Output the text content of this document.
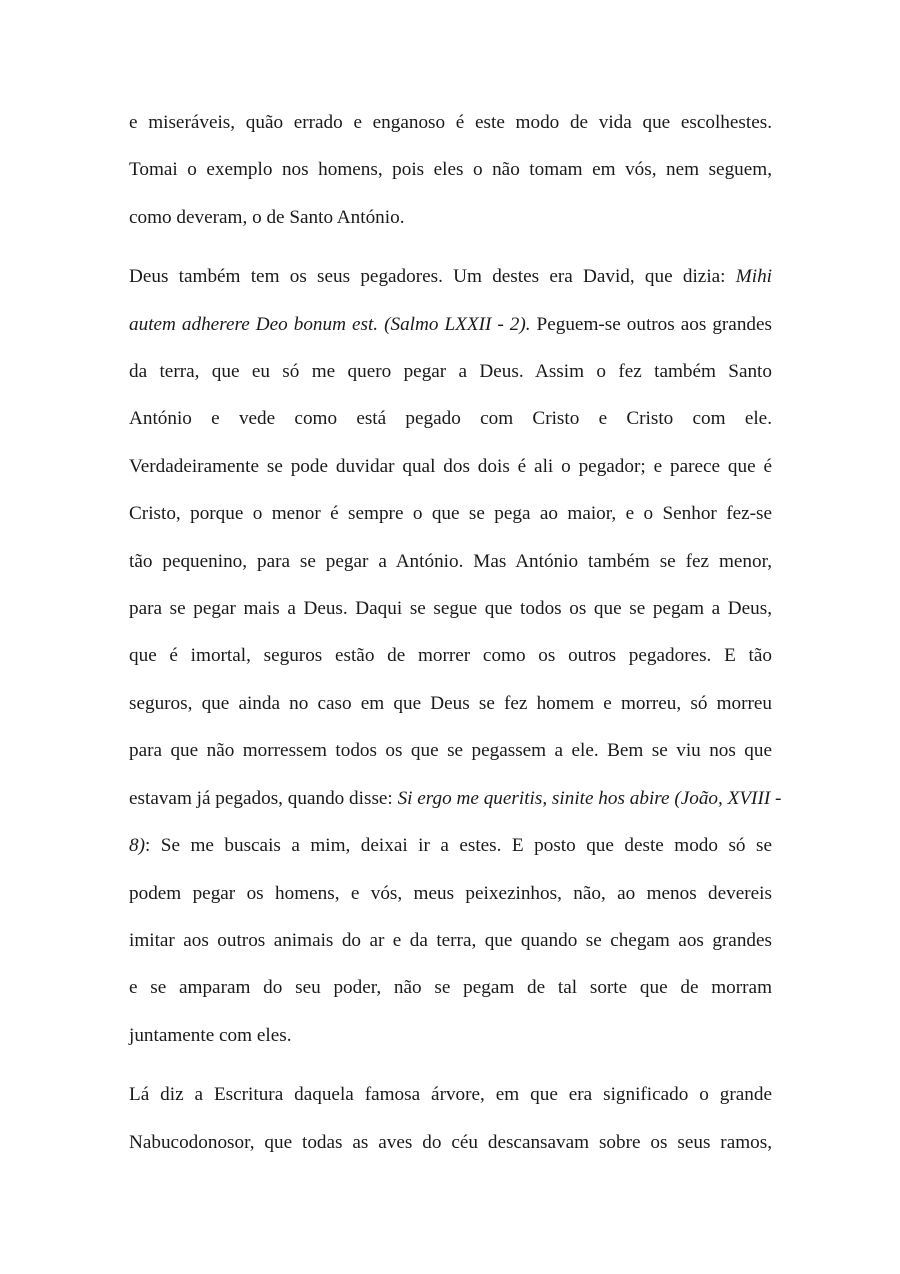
e miseráveis, quão errado e enganoso é este modo de vida que escolhestes.
Tomai o exemplo nos homens, pois eles o não tomam em vós, nem seguem,
como deveram, o de Santo António.
Deus também tem os seus pegadores. Um destes era David, que dizia: Mihi
autem adherere Deo bonum est. (Salmo LXXII - 2). Peguem-se outros aos grandes
da terra, que eu só me quero pegar a Deus. Assim o fez também Santo
António e vede como está pegado com Cristo e Cristo com ele.
Verdadeiramente se pode duvidar qual dos dois é ali o pegador; e parece que é
Cristo, porque o menor é sempre o que se pega ao maior, e o Senhor fez-se
tão pequenino, para se pegar a António. Mas António também se fez menor,
para se pegar mais a Deus. Daqui se segue que todos os que se pegam a Deus,
que é imortal, seguros estão de morrer como os outros pegadores. E tão
seguros, que ainda no caso em que Deus se fez homem e morreu, só morreu
para que não morressem todos os que se pegassem a ele. Bem se viu nos que
estavam já pegados, quando disse: Si ergo me queritis, sinite hos abire (João, XVIII -
8): Se me buscais a mim, deixai ir a estes. E posto que deste modo só se
podem pegar os homens, e vós, meus peixezinhos, não, ao menos devereis
imitar aos outros animais do ar e da terra, que quando se chegam aos grandes
e se amparam do seu poder, não se pegam de tal sorte que de morram
juntamente com eles.
Lá diz a Escritura daquela famosa árvore, em que era significado o grande
Nabucodonosor, que todas as aves do céu descansavam sobre os seus ramos,
